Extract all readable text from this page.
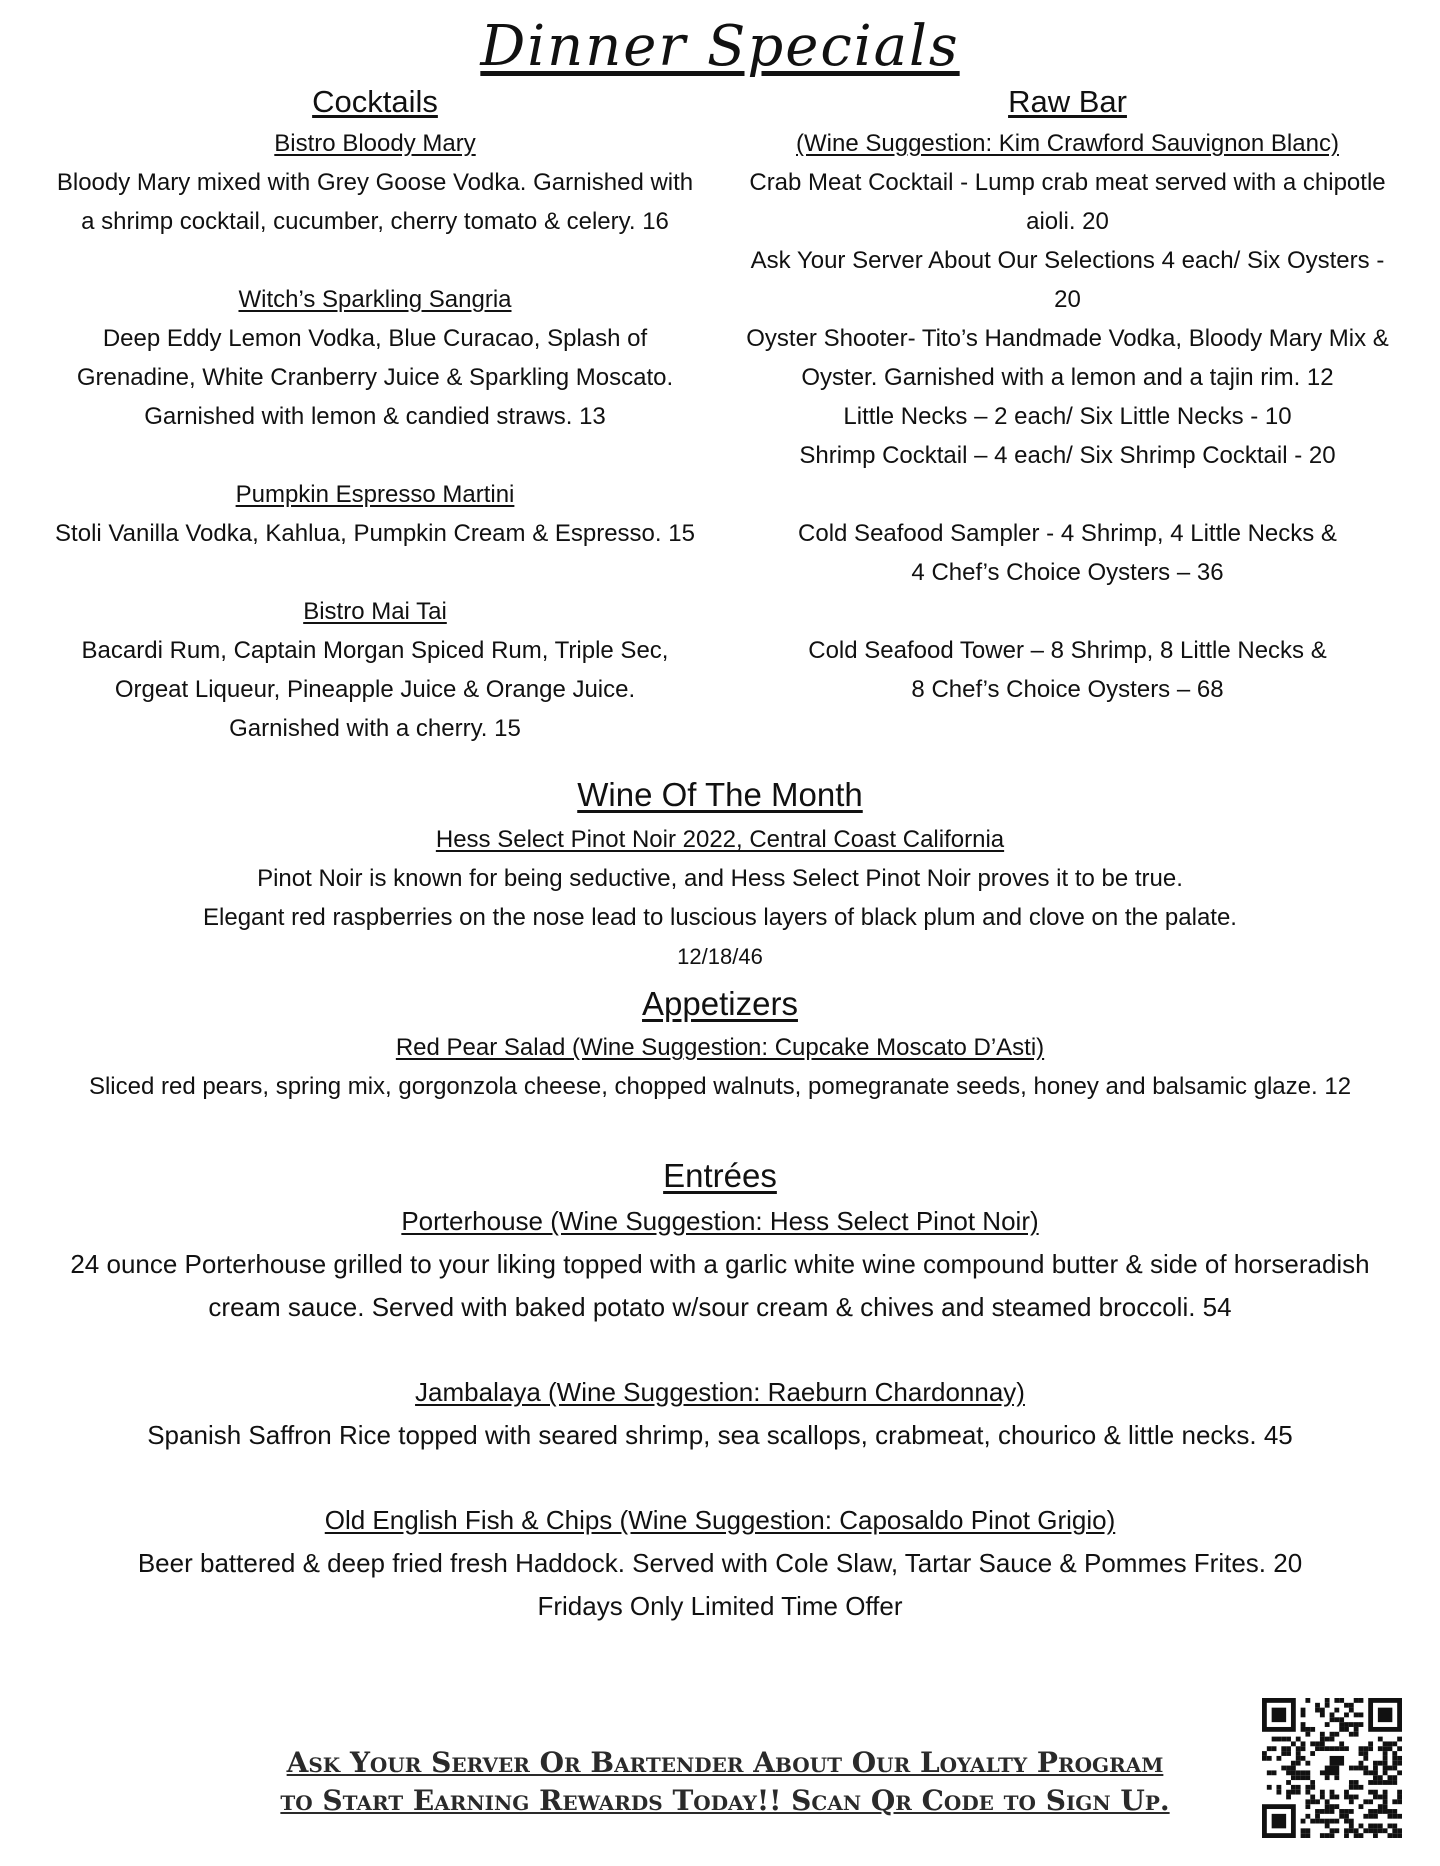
Dinner Specials
Cocktails
Bistro Bloody Mary
Bloody Mary mixed with Grey Goose Vodka. Garnished with
a shrimp cocktail, cucumber, cherry tomato & celery. 16
Witch’s Sparkling Sangria
Deep Eddy Lemon Vodka, Blue Curacao, Splash of
Grenadine, White Cranberry Juice & Sparkling Moscato.
Garnished with lemon & candied straws. 13
Pumpkin Espresso Martini
Stoli Vanilla Vodka, Kahlua, Pumpkin Cream & Espresso. 15
Bistro Mai Tai
Bacardi Rum, Captain Morgan Spiced Rum, Triple Sec,
Orgeat Liqueur, Pineapple Juice & Orange Juice.
Garnished with a cherry. 15
Raw Bar
(Wine Suggestion: Kim Crawford Sauvignon Blanc)
Crab Meat Cocktail - Lump crab meat served with a chipotle
aioli. 20
Ask Your Server About Our Selections 4 each/ Six Oysters -
20
Oyster Shooter- Tito’s Handmade Vodka, Bloody Mary Mix &
Oyster. Garnished with a lemon and a tajin rim. 12
Little Necks – 2 each/ Six Little Necks - 10
Shrimp Cocktail – 4 each/ Six Shrimp Cocktail - 20
Cold Seafood Sampler - 4 Shrimp, 4 Little Necks &
4 Chef’s Choice Oysters – 36
Cold Seafood Tower – 8 Shrimp, 8 Little Necks &
8 Chef’s Choice Oysters – 68
Wine Of The Month
Hess Select Pinot Noir 2022, Central Coast California
Pinot Noir is known for being seductive, and Hess Select Pinot Noir proves it to be true.
Elegant red raspberries on the nose lead to luscious layers of black plum and clove on the palate.
12/18/46
Appetizers
Red Pear Salad (Wine Suggestion: Cupcake Moscato D’Asti)
Sliced red pears, spring mix, gorgonzola cheese, chopped walnuts, pomegranate seeds, honey and balsamic glaze. 12
Entrées
Porterhouse (Wine Suggestion: Hess Select Pinot Noir)
24 ounce Porterhouse grilled to your liking topped with a garlic white wine compound butter & side of horseradish
cream sauce. Served with baked potato w/sour cream & chives and steamed broccoli. 54
Jambalaya (Wine Suggestion: Raeburn Chardonnay)
Spanish Saffron Rice topped with seared shrimp, sea scallops, crabmeat, chourico & little necks. 45
Old English Fish & Chips (Wine Suggestion: Caposaldo Pinot Grigio)
Beer battered & deep fried fresh Haddock. Served with Cole Slaw, Tartar Sauce & Pommes Frites. 20
Fridays Only Limited Time Offer
Ask Your Server Or Bartender About Our Loyalty Program
to Start Earning Rewards Today!! Scan Qr Code to Sign Up.
